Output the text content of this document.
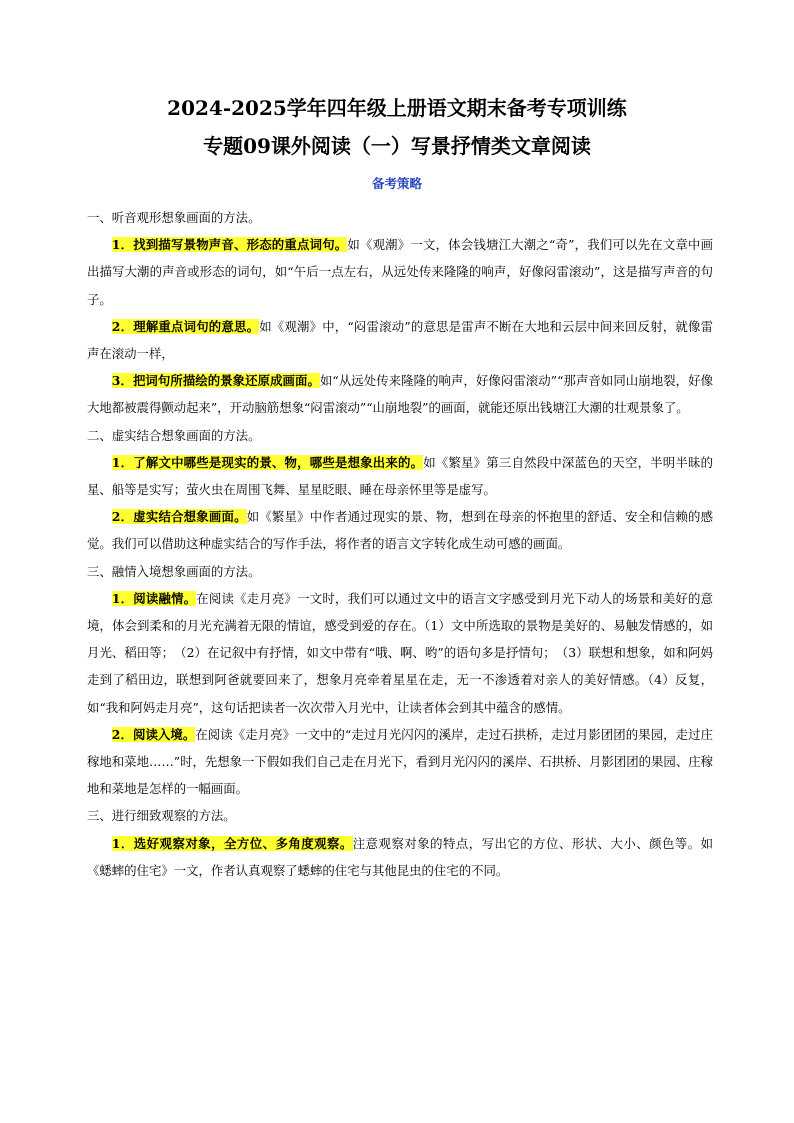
2024-2025学年四年级上册语文期末备考专项训练
专题09课外阅读（一）写景抒情类文章阅读
备考策略

一、听音观形想象画面的方法。

1．找到描写景物声音、形态的重点词句。如《观潮》一文，体会钱塘江大潮之“奇”，我们可以先在文章中画出描写大潮的声音或形态的词句，如“午后一点左右，从远处传来隆隆的响声，好像闷雷滚动”，这是描写声音的句子。

2．理解重点词句的意思。如《观潮》中，“闷雷滚动”的意思是雷声不断在大地和云层中间来回反射，就像雷声在滚动一样，

3．把词句所描绘的景象还原成画面。如“从远处传来隆隆的响声，好像闷雷滚动”“那声音如同山崩地裂，好像大地都被震得颤动起来”，开动脑筋想象“闷雷滚动”“山崩地裂”的画面，就能还原出钱塘江大潮的壮观景象了。

二、虚实结合想象画面的方法。

1．了解文中哪些是现实的景、物，哪些是想象出来的。如《繁星》第三自然段中深蓝色的天空，半明半昧的星、船等是实写；萤火虫在周围飞舞、星星眨眼、睡在母亲怀里等是虚写。

2．虚实结合想象画面。如《繁星》中作者通过现实的景、物，想到在母亲的怀抱里的舒适、安全和信赖的感觉。我们可以借助这种虚实结合的写作手法，将作者的语言文字转化成生动可感的画面。

三、融情入境想象画面的方法。

1．阅读融情。在阅读《走月亮》一文时，我们可以通过文中的语言文字感受到月光下动人的场景和美好的意境，体会到柔和的月光充满着无限的情谊，感受到爱的存在。（1）文中所选取的景物是美好的、易触发情感的，如月光、稻田等；　（2）在记叙中有抒情，如文中带有“哦、啊、哟”的语句多是抒情句；　（3）联想和想象，如和阿妈走到了稻田边，联想到阿爸就要回来了，想象月亮牵着星星在走，无一不渗透着对亲人的美好情感。（4）反复，如“我和阿妈走月亮”，这句话把读者一次次带入月光中，让读者体会到其中蕴含的感情。

2．阅读入境。在阅读《走月亮》一文中的“走过月光闪闪的溪岸，走过石拱桥，走过月影团团的果园，走过庄稼地和菜地……”时，先想象一下假如我们自己走在月光下，看到月光闪闪的溪岸、石拱桥、月影团团的果园、庄稼地和菜地是怎样的一幅画面。

三、进行细致观察的方法。

1．选好观察对象，全方位、多角度观察。注意观察对象的特点，写出它的方位、形状、大小、颜色等。如《蟋蟀的住宅》一文，作者认真观察了蟋蟀的住宅与其他昆虫的住宅的不同。
